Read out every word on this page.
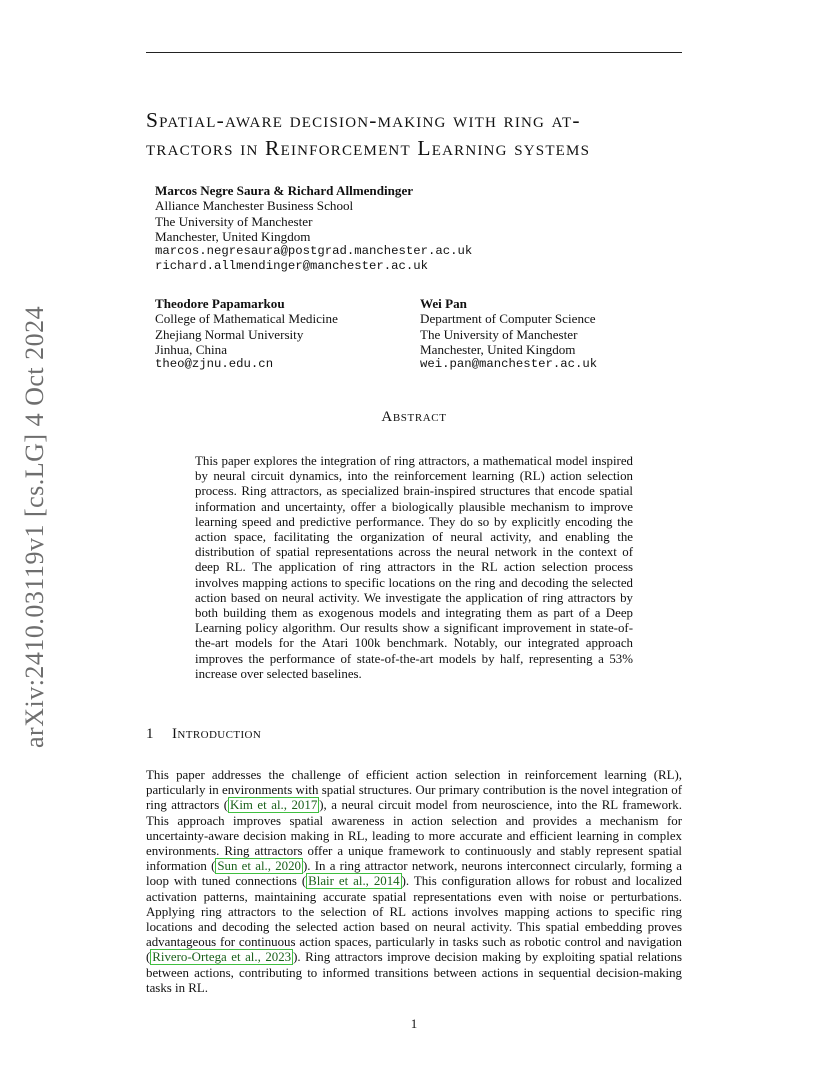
arXiv:2410.03119v1 [cs.LG] 4 Oct 2024
Spatial-aware decision-making with ring at-
tractors in Reinforcement Learning systems
Marcos Negre Saura & Richard Allmendinger
Alliance Manchester Business School
The University of Manchester
Manchester, United Kingdom
marcos.negresaura@postgrad.manchester.ac.uk
richard.allmendinger@manchester.ac.uk
Theodore Papamarkou
College of Mathematical Medicine
Zhejiang Normal University
Jinhua, China
theo@zjnu.edu.cn
Wei Pan
Department of Computer Science
The University of Manchester
Manchester, United Kingdom
wei.pan@manchester.ac.uk
Abstract

This paper explores the integration of ring attractors, a mathematical model inspired by neural circuit dynamics, into the reinforcement learning (RL) action selection process. Ring attractors, as specialized brain-inspired structures that encode spatial information and uncertainty, offer a biologically plausible mechanism to improve learning speed and predictive performance. They do so by explicitly encoding the action space, facilitating the organization of neural activity, and enabling the distribution of spatial representations across the neural network in the context of deep RL. The application of ring attractors in the RL action selection process involves mapping actions to specific locations on the ring and decoding the selected action based on neural activity. We investigate the application of ring attractors by both building them as exogenous models and integrating them as part of a Deep Learning policy algorithm. Our results show a significant improvement in state-of-the-art models for the Atari 100k benchmark. Notably, our integrated approach improves the performance of state-of-the-art models by half, representing a 53% increase over selected baselines.

1 Introduction

This paper addresses the challenge of efficient action selection in reinforcement learning (RL), particularly in environments with spatial structures. Our primary contribution is the novel integration of ring attractors ( Kim et al., 2017 ), a neural circuit model from neuroscience, into the RL framework. This approach improves spatial awareness in action selection and provides a mechanism for uncertainty-aware decision making in RL, leading to more accurate and efficient learning in complex environments. Ring attractors offer a unique framework to continuously and stably represent spatial information ( Sun et al., 2020 ). In a ring attractor network, neurons interconnect circularly, forming a loop with tuned connections ( Blair et al., 2014 ). This configuration allows for robust and localized activation patterns, maintaining accurate spatial representations even with noise or perturbations. Applying ring attractors to the selection of RL actions involves mapping actions to specific ring locations and decoding the selected action based on neural activity. This spatial embedding proves advantageous for continuous action spaces, particularly in tasks such as robotic control and navigation ( Rivero-Ortega et al., 2023 ). Ring attractors improve decision making by exploiting spatial relations between actions, contributing to informed transitions between actions in sequential decision-making tasks in RL.

1
